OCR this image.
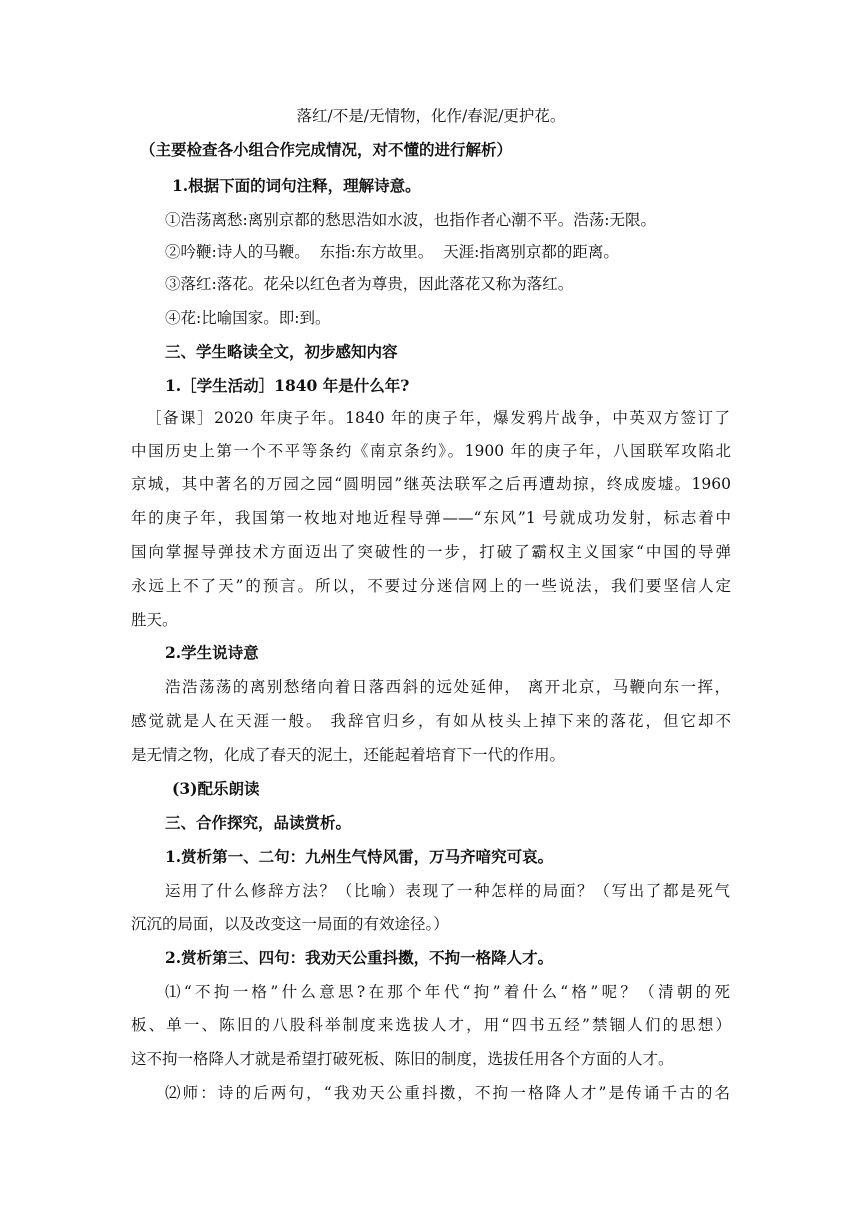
落红/不是/无情物，化作/春泥/更护花。
（主要检查各小组合作完成情况，对不懂的进行解析）
1.根据下面的词句注释，理解诗意。
①浩荡离愁:离别京都的愁思浩如水波，也指作者心潮不平。浩荡:无限。
②吟鞭:诗人的马鞭。  东指:东方故里。  天涯:指离别京都的距离。
③落红:落花。花朵以红色者为尊贵，因此落花又称为落红。
④花:比喻国家。即:到。
三、学生略读全文，初步感知内容
1.［学生活动］1840 年是什么年?
［备课］2020 年庚子年。1840 年的庚子年，爆发鸦片战争，中英双方签订了
中国历史上第一个不平等条约《南京条约》。1900 年的庚子年，八国联军攻陷北
京城，其中著名的万园之园“圆明园”继英法联军之后再遭劫掠，终成废墟。1960
年的庚子年，我国第一枚地对地近程导弹——“东风”1 号就成功发射，标志着中
国向掌握导弹技术方面迈出了突破性的一步，打破了霸权主义国家“中国的导弹
永远上不了天”的预言。所以，不要过分迷信网上的一些说法，我们要坚信人定
胜天。
2.学生说诗意
浩浩荡荡的离别愁绪向着日落西斜的远处延伸， 离开北京，马鞭向东一挥，
感觉就是人在天涯一般。 我辞官归乡，有如从枝头上掉下来的落花，但它却不
是无情之物，化成了春天的泥土，还能起着培育下一代的作用。
(3)配乐朗读
三、合作探究，品读赏析。
1.赏析第一、二句：九州生气恃风雷，万马齐喑究可哀。
运用了什么修辞方法？（比喻）表现了一种怎样的局面？（写出了都是死气
沉沉的局面，以及改变这一局面的有效途径。）
2.赏析第三、四句：我劝天公重抖擞，不拘一格降人才。
⑴“不拘一格”什么意思?在那个年代“拘”着什么“格”呢？（清朝的死
板、单一、陈旧的八股科举制度来选拔人才，用“四书五经”禁锢人们的思想）
这不拘一格降人才就是希望打破死板、陈旧的制度，选拔任用各个方面的人才。
⑵师：诗的后两句，“我劝天公重抖擞，不拘一格降人才”是传诵千古的名
